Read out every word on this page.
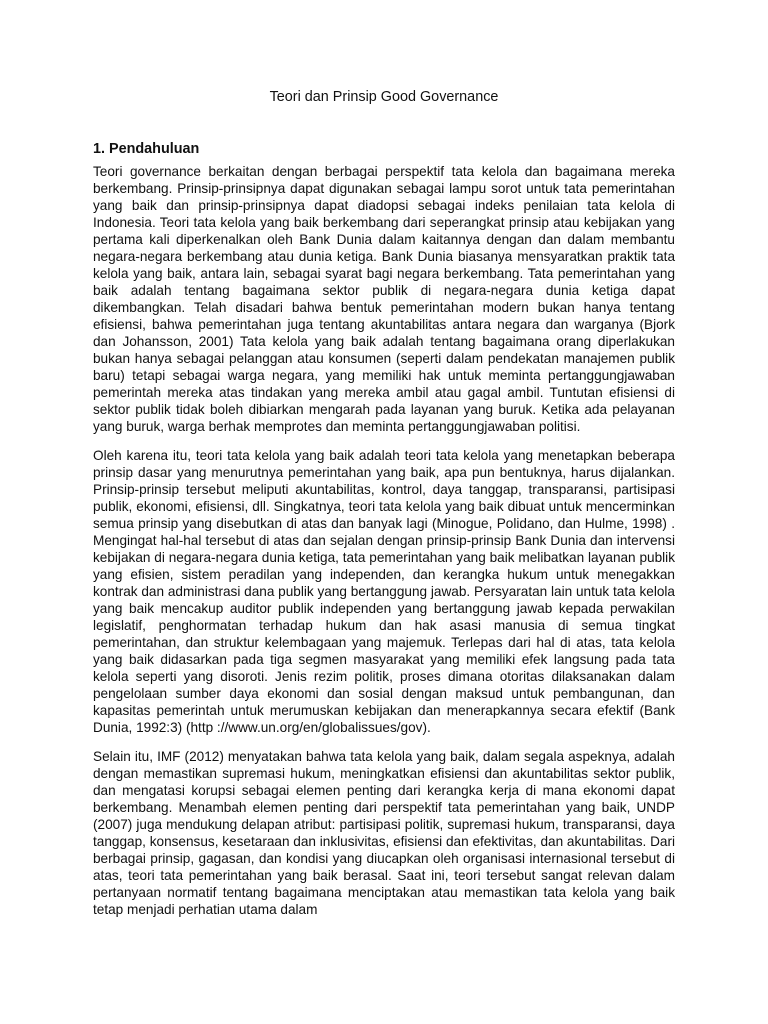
Teori dan Prinsip Good Governance
1. Pendahuluan

Teori governance berkaitan dengan berbagai perspektif tata kelola dan bagaimana mereka berkembang. Prinsip-prinsipnya dapat digunakan sebagai lampu sorot untuk tata pemerintahan yang baik dan prinsip-prinsipnya dapat diadopsi sebagai indeks penilaian tata kelola di Indonesia. Teori tata kelola yang baik berkembang dari seperangkat prinsip atau kebijakan yang pertama kali diperkenalkan oleh Bank Dunia dalam kaitannya dengan dan dalam membantu negara-negara berkembang atau dunia ketiga. Bank Dunia biasanya mensyaratkan praktik tata kelola yang baik, antara lain, sebagai syarat bagi negara berkembang. Tata pemerintahan yang baik adalah tentang bagaimana sektor publik di negara-negara dunia ketiga dapat dikembangkan. Telah disadari bahwa bentuk pemerintahan modern bukan hanya tentang efisiensi, bahwa pemerintahan juga tentang akuntabilitas antara negara dan warganya (Bjork dan Johansson, 2001) Tata kelola yang baik adalah tentang bagaimana orang diperlakukan bukan hanya sebagai pelanggan atau konsumen (seperti dalam pendekatan manajemen publik baru) tetapi sebagai warga negara, yang memiliki hak untuk meminta pertanggungjawaban pemerintah mereka atas tindakan yang mereka ambil atau gagal ambil. Tuntutan efisiensi di sektor publik tidak boleh dibiarkan mengarah pada layanan yang buruk. Ketika ada pelayanan yang buruk, warga berhak memprotes dan meminta pertanggungjawaban politisi.

Oleh karena itu, teori tata kelola yang baik adalah teori tata kelola yang menetapkan beberapa prinsip dasar yang menurutnya pemerintahan yang baik, apa pun bentuknya, harus dijalankan. Prinsip-prinsip tersebut meliputi akuntabilitas, kontrol, daya tanggap, transparansi, partisipasi publik, ekonomi, efisiensi, dll. Singkatnya, teori tata kelola yang baik dibuat untuk mencerminkan semua prinsip yang disebutkan di atas dan banyak lagi (Minogue, Polidano, dan Hulme, 1998) . Mengingat hal-hal tersebut di atas dan sejalan dengan prinsip-prinsip Bank Dunia dan intervensi kebijakan di negara-negara dunia ketiga, tata pemerintahan yang baik melibatkan layanan publik yang efisien, sistem peradilan yang independen, dan kerangka hukum untuk menegakkan kontrak dan administrasi dana publik yang bertanggung jawab. Persyaratan lain untuk tata kelola yang baik mencakup auditor publik independen yang bertanggung jawab kepada perwakilan legislatif, penghormatan terhadap hukum dan hak asasi manusia di semua tingkat pemerintahan, dan struktur kelembagaan yang majemuk. Terlepas dari hal di atas, tata kelola yang baik didasarkan pada tiga segmen masyarakat yang memiliki efek langsung pada tata kelola seperti yang disoroti. Jenis rezim politik, proses dimana otoritas dilaksanakan dalam pengelolaan sumber daya ekonomi dan sosial dengan maksud untuk pembangunan, dan kapasitas pemerintah untuk merumuskan kebijakan dan menerapkannya secara efektif (Bank Dunia, 1992:3) (http ://www.un.org/en/globalissues/gov).

Selain itu, IMF (2012) menyatakan bahwa tata kelola yang baik, dalam segala aspeknya, adalah dengan memastikan supremasi hukum, meningkatkan efisiensi dan akuntabilitas sektor publik, dan mengatasi korupsi sebagai elemen penting dari kerangka kerja di mana ekonomi dapat berkembang. Menambah elemen penting dari perspektif tata pemerintahan yang baik, UNDP (2007) juga mendukung delapan atribut: partisipasi politik, supremasi hukum, transparansi, daya tanggap, konsensus, kesetaraan dan inklusivitas, efisiensi dan efektivitas, dan akuntabilitas. Dari berbagai prinsip, gagasan, dan kondisi yang diucapkan oleh organisasi internasional tersebut di atas, teori tata pemerintahan yang baik berasal. Saat ini, teori tersebut sangat relevan dalam pertanyaan normatif tentang bagaimana menciptakan atau memastikan tata kelola yang baik tetap menjadi perhatian utama dalam
